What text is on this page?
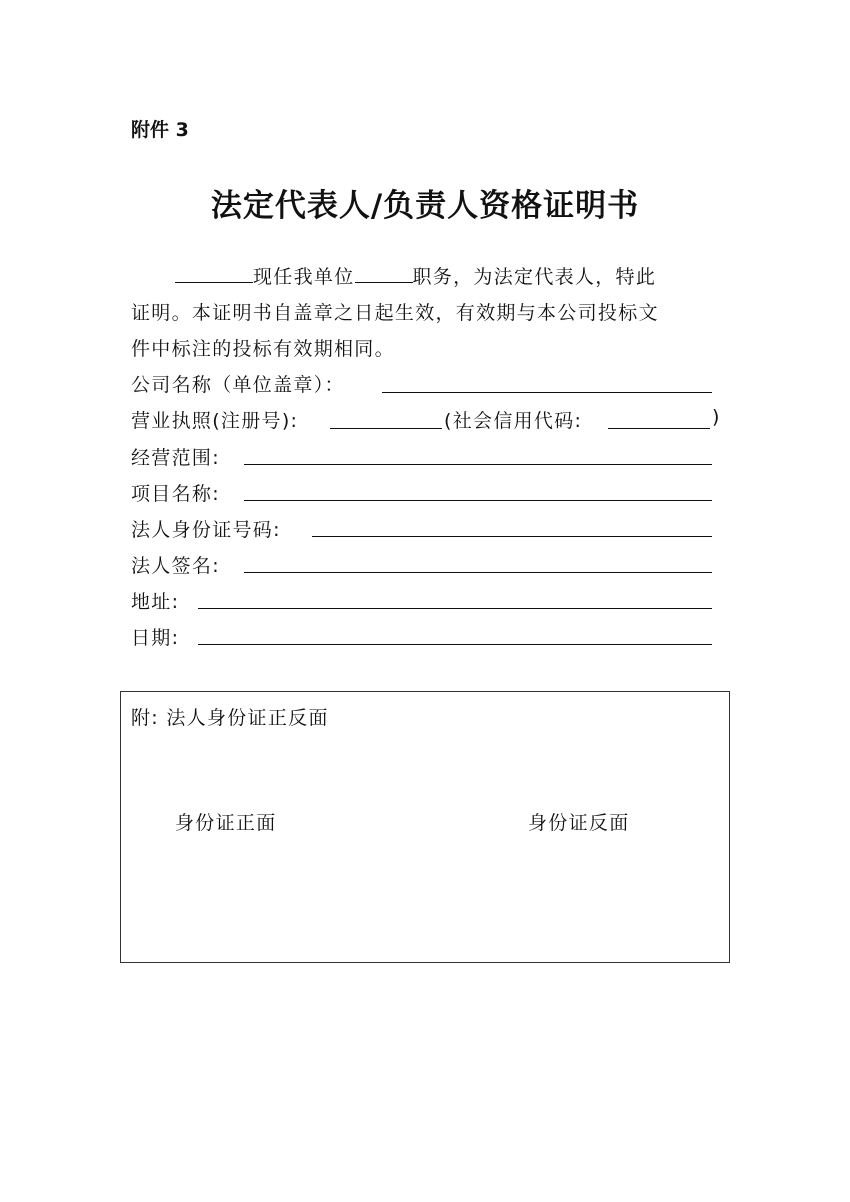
附件 3
法定代表人/负责人资格证明书
现任我单位	职务，为法定代表人，特此
证明。本证明书自盖章之日起生效，有效期与本公司投标文
件中标注的投标有效期相同。
公司名称（单位盖章）：
营业执照(注册号):	(社会信用代码:	)
经营范围:
项目名称:
法人身份证号码:
法人签名:
地址:
日期:
附: 法人身份证正反面
身份证正面	身份证反面
